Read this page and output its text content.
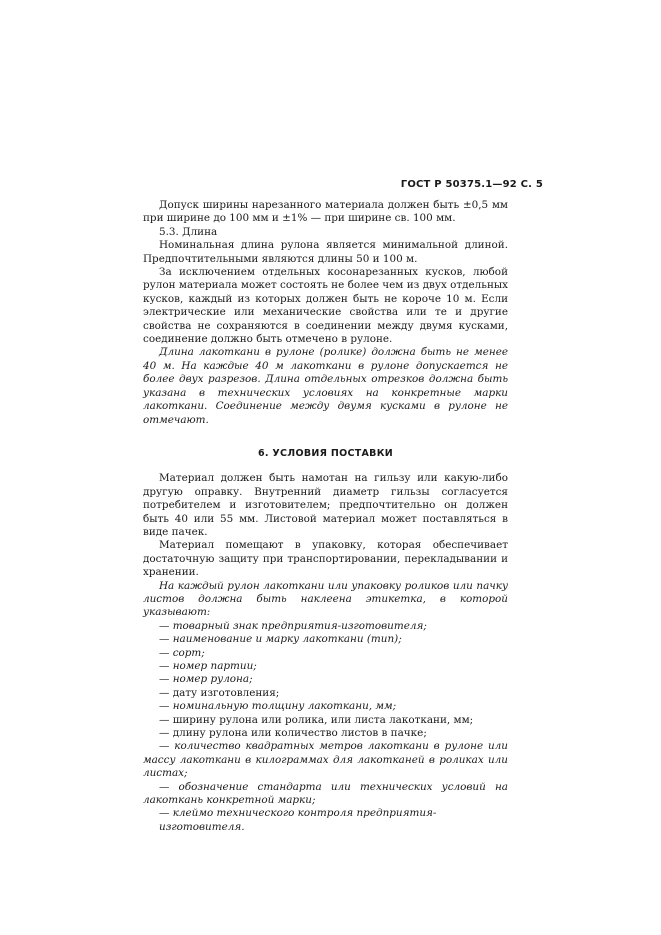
ГОСТ Р 50375.1—92 С. 5

Допуск ширины нарезанного материала должен быть ±0,5 мм при ширине до 100 мм и ±1% — при ширине св. 100 мм.

5.3. Длина

Номинальная длина рулона является минимальной длиной. Предпочтительными являются длины 50 и 100 м.

За исключением отдельных косонарезанных кусков, любой рулон материала может состоять не более чем из двух отдельных кусков, каждый из которых должен быть не короче 10 м. Если электрические или механические свойства или те и другие свойства не сохраняются в соединении между двумя кусками, соединение должно быть отмечено в рулоне.

Длина лакоткани в рулоне (ролике) должна быть не менее 40 м. На каждые 40 м лакоткани в рулоне допускается не более двух разрезов. Длина отдельных отрезков должна быть указана в технических условиях на конкретные марки лакоткани. Соединение между двумя кусками в рулоне не отмечают.

6. УСЛОВИЯ ПОСТАВКИ

Материал должен быть намотан на гильзу или какую-либо другую оправку. Внутренний диаметр гильзы согласуется потребителем и изготовителем; предпочтительно он должен быть 40 или 55 мм. Листовой материал может поставляться в виде пачек.

Материал помещают в упаковку, которая обеспечивает достаточную защиту при транспортировании, перекладывании и хранении.

На каждый рулон лакоткани или упаковку роликов или пачку листов должна быть наклеена этикетка, в которой указывают:

— товарный знак предприятия-изготовителя;
— наименование и марку лакоткани (тип);
— сорт;
— номер партии;
— номер рулона;
— дату изготовления;
— номинальную толщину лакоткани, мм;
— ширину рулона или ролика, или листа лакоткани, мм;
— длину рулона или количество листов в пачке;
— количество квадратных метров лакоткани в рулоне или массу лакоткани в килограммах для лакотканей в роликах или листах;
— обозначение стандарта или технических условий на лакоткань конкретной марки;
— клеймо технического контроля предприятия-изготовителя.
